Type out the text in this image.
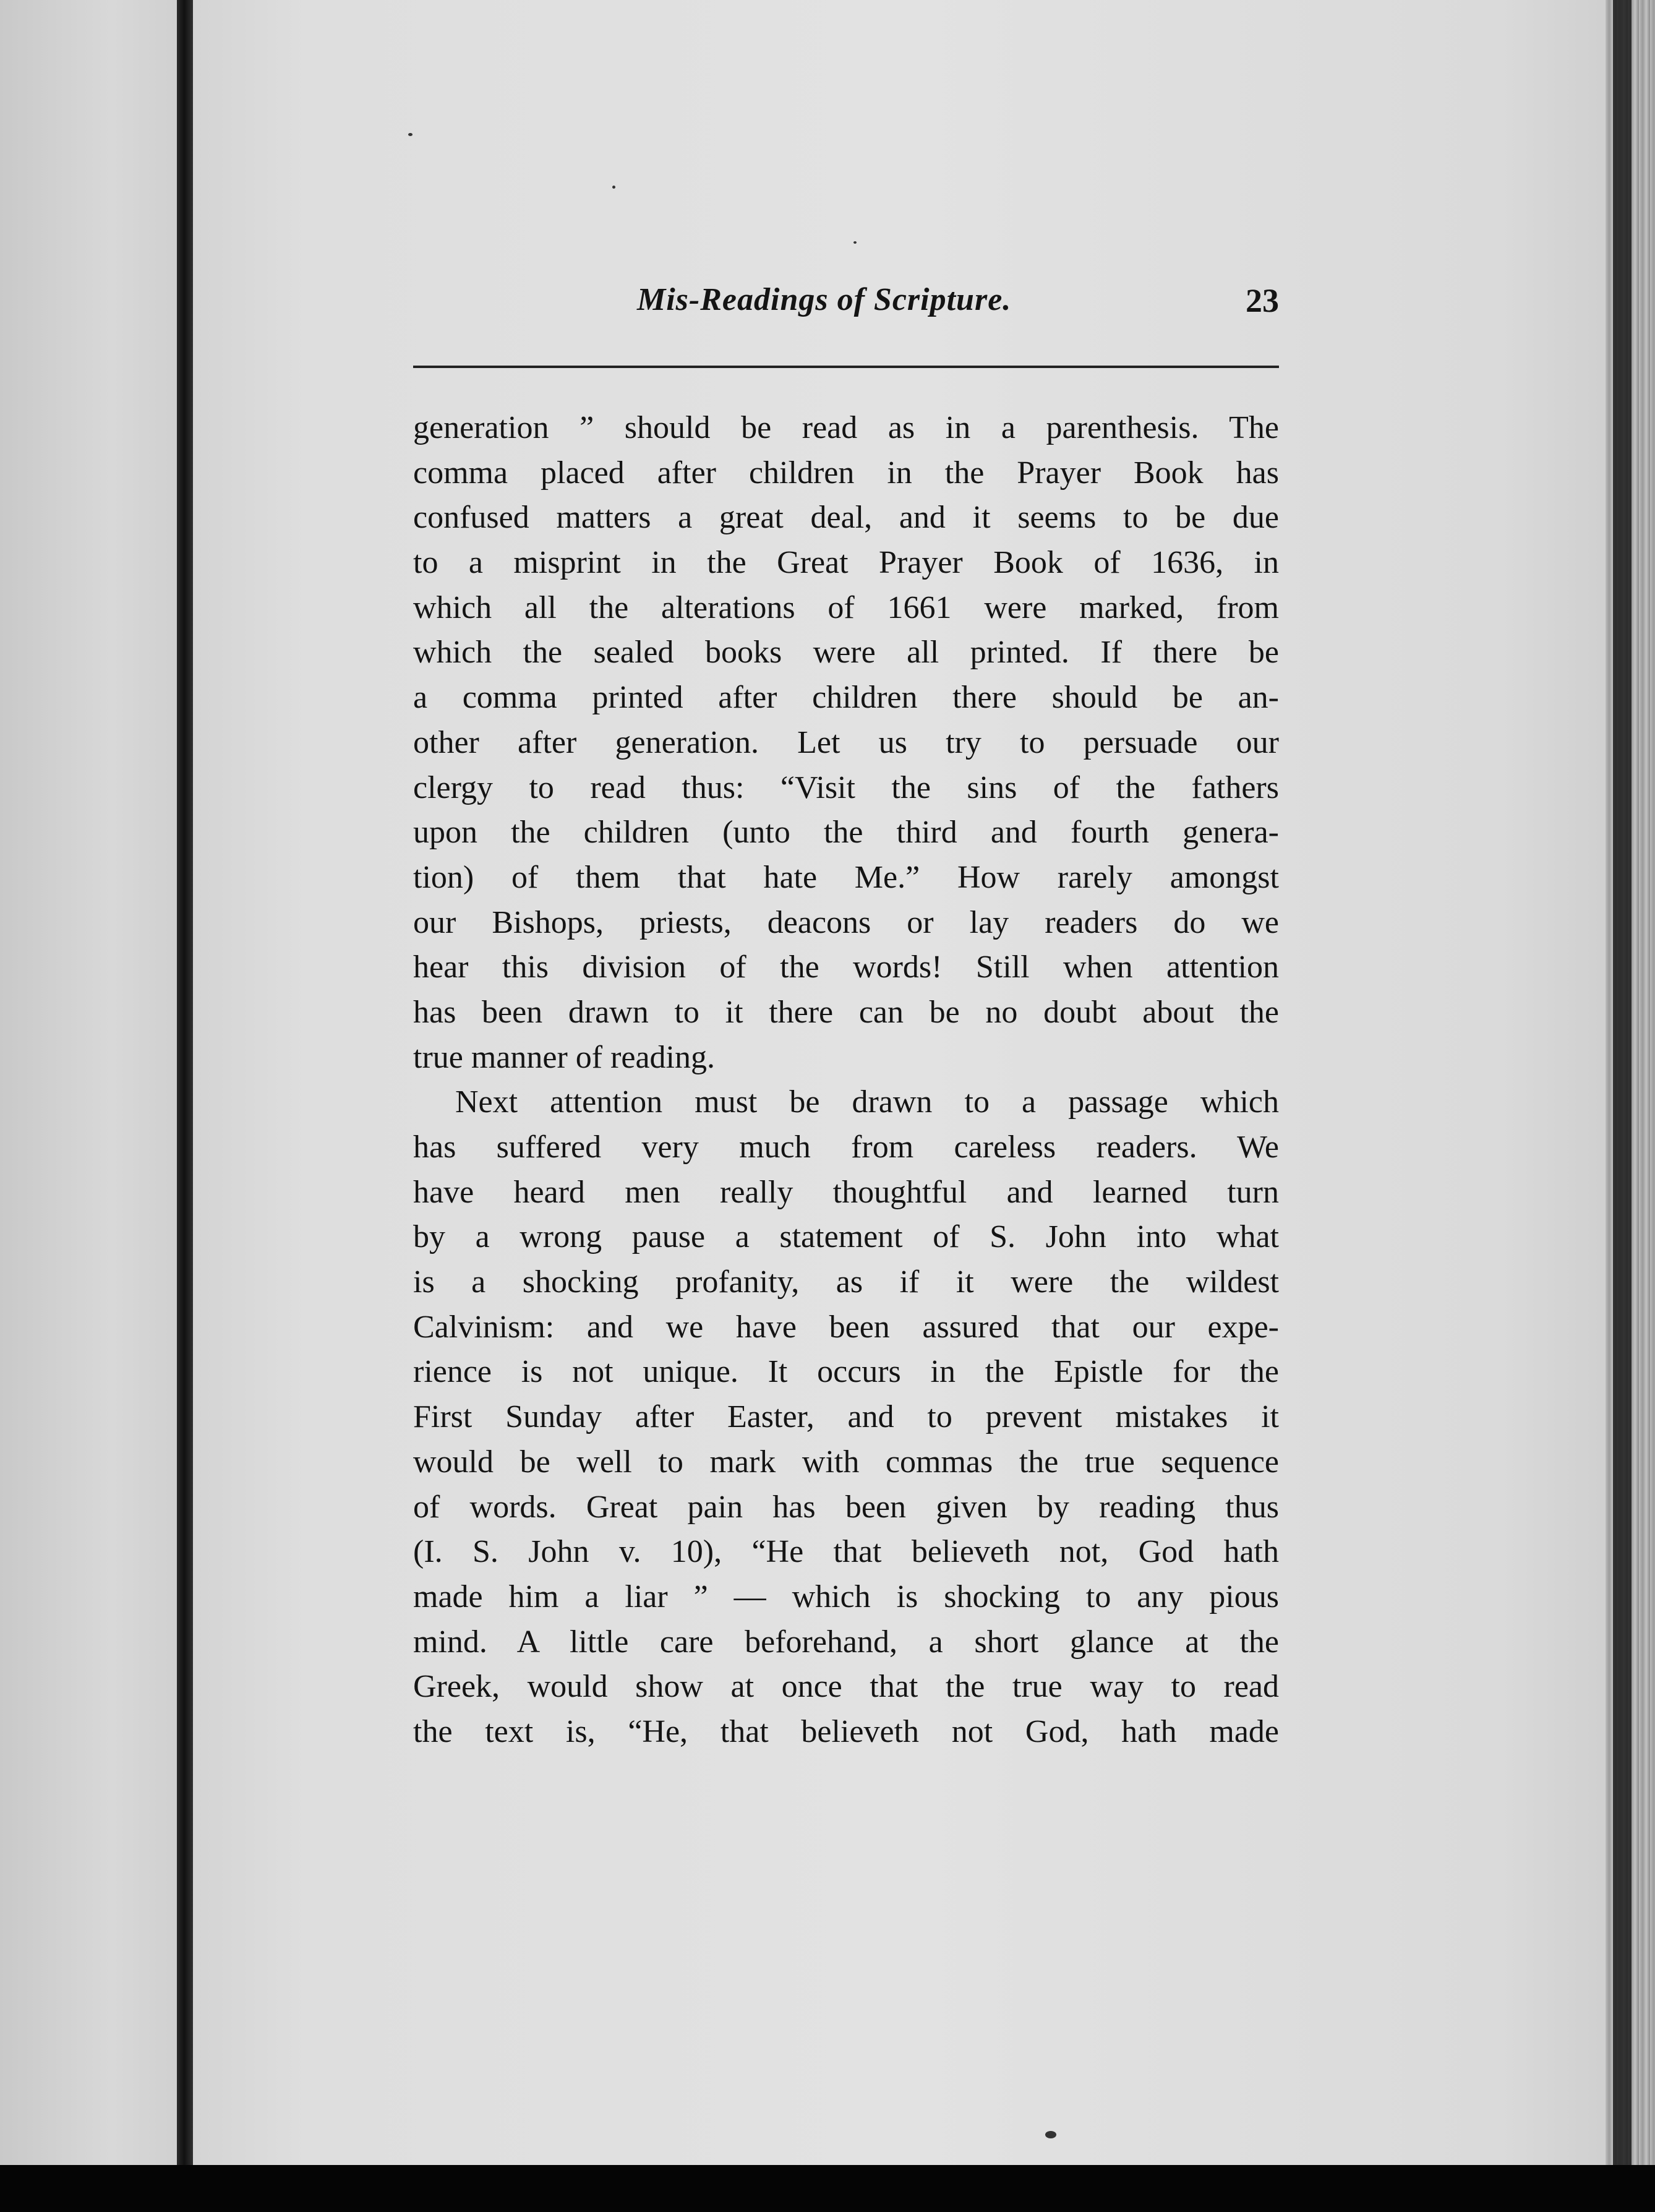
Mis-Readings of Scripture.	23
generation ” should be read as in a parenthesis. The
comma placed after children in the Prayer Book has
confused matters a great deal, and it seems to be due
to a misprint in the Great Prayer Book of 1636, in
which all the alterations of 1661 were marked, from
which the sealed books were all printed. If there be
a comma printed after children there should be an-
other after generation. Let us try to persuade our
clergy to read thus: “Visit the sins of the fathers
upon the children (unto the third and fourth genera-
tion) of them that hate Me.” How rarely amongst
our Bishops, priests, deacons or lay readers do we
hear this division of the words! Still when attention
has been drawn to it there can be no doubt about the
true manner of reading.
Next attention must be drawn to a passage which
has suffered very much from careless readers. We
have heard men really thoughtful and learned turn
by a wrong pause a statement of S. John into what
is a shocking profanity, as if it were the wildest
Calvinism: and we have been assured that our expe-
rience is not unique. It occurs in the Epistle for the
First Sunday after Easter, and to prevent mistakes it
would be well to mark with commas the true sequence
of words. Great pain has been given by reading thus
(I. S. John v. 10), “He that believeth not, God hath
made him a liar ” — which is shocking to any pious
mind. A little care beforehand, a short glance at the
Greek, would show at once that the true way to read
the text is, “He, that believeth not God, hath made
